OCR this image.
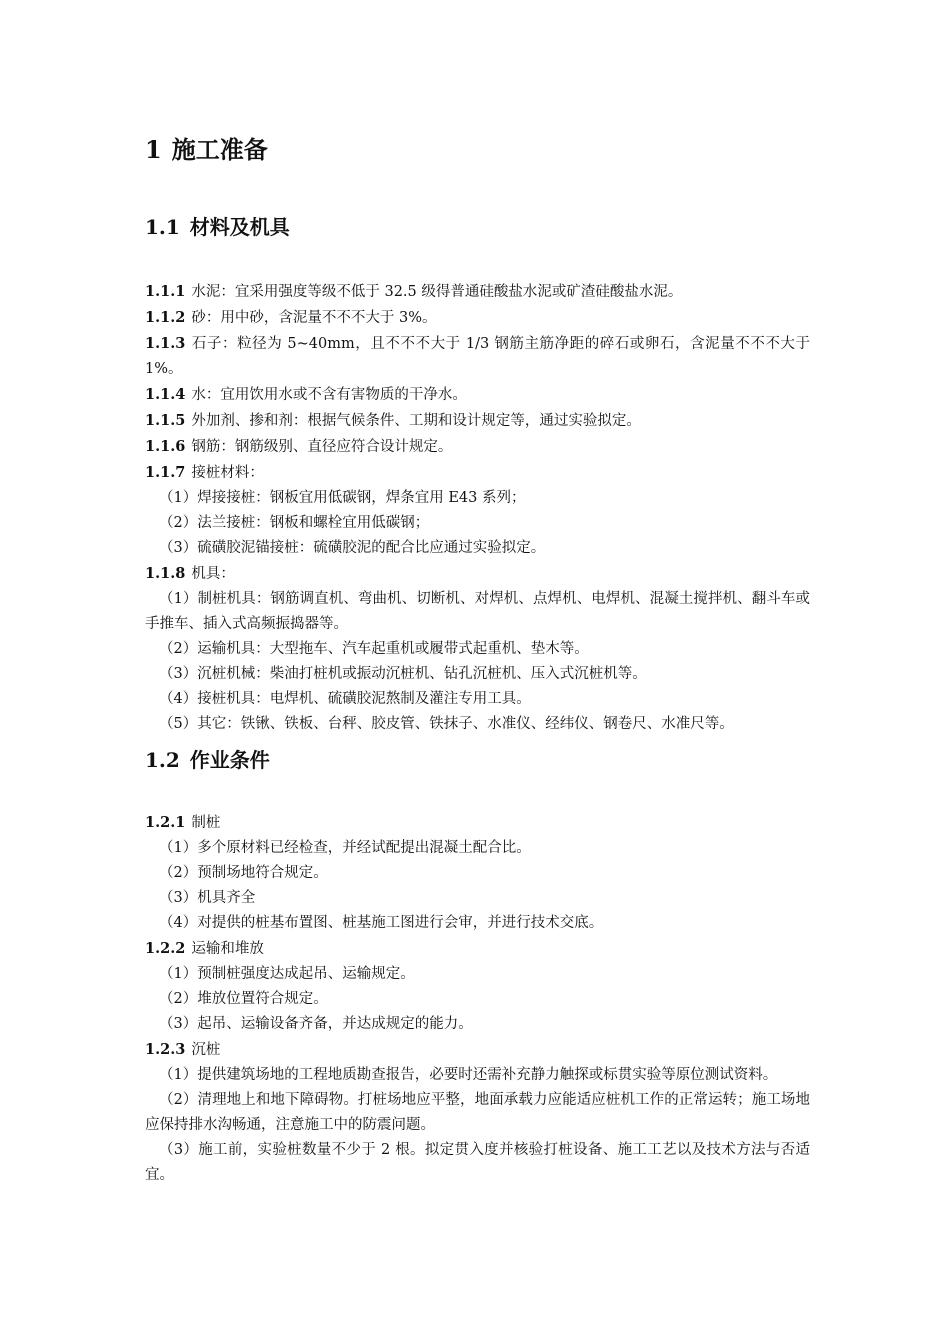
1 施工准备
1.1 材料及机具

1.1.1 水泥：宜采用强度等级不低于 32.5 级得普通硅酸盐水泥或矿渣硅酸盐水泥。

1.1.2 砂：用中砂，含泥量不不不大于 3%。

1.1.3 石子：粒径为 5~40mm，且不不不大于 1/3 钢筋主筋净距的碎石或卵石，含泥量不不不大于 1%。

1.1.4 水：宜用饮用水或不含有害物质的干净水。

1.1.5 外加剂、掺和剂：根据气候条件、工期和设计规定等，通过实验拟定。

1.1.6 钢筋：钢筋级别、直径应符合设计规定。

1.1.7 接桩材料：

（1）焊接接桩：钢板宜用低碳钢，焊条宜用 E43 系列；

（2）法兰接桩：钢板和螺栓宜用低碳钢；

（3）硫磺胶泥锚接桩：硫磺胶泥的配合比应通过实验拟定。

1.1.8 机具：

（1）制桩机具：钢筋调直机、弯曲机、切断机、对焊机、点焊机、电焊机、混凝土搅拌机、翻斗车或手推车、插入式高频振捣器等。

（2）运输机具：大型拖车、汽车起重机或履带式起重机、垫木等。

（3）沉桩机械：柴油打桩机或振动沉桩机、钻孔沉桩机、压入式沉桩机等。

（4）接桩机具：电焊机、硫磺胶泥熬制及灌注专用工具。

（5）其它：铁锹、铁板、台秤、胶皮管、铁抹子、水准仪、经纬仪、钢卷尺、水准尺等。

1.2 作业条件

1.2.1 制桩

（1）多个原材料已经检查，并经试配提出混凝土配合比。

（2）预制场地符合规定。

（3）机具齐全

（4）对提供的桩基布置图、桩基施工图进行会审，并进行技术交底。

1.2.2 运输和堆放

（1）预制桩强度达成起吊、运输规定。

（2）堆放位置符合规定。

（3）起吊、运输设备齐备，并达成规定的能力。

1.2.3 沉桩

（1）提供建筑场地的工程地质勘查报告，必要时还需补充静力触探或标贯实验等原位测试资料。

（2）清理地上和地下障碍物。打桩场地应平整，地面承载力应能适应桩机工作的正常运转；施工场地应保持排水沟畅通，注意施工中的防震问题。

（3）施工前，实验桩数量不少于 2 根。拟定贯入度并核验打桩设备、施工工艺以及技术方法与否适宜。
